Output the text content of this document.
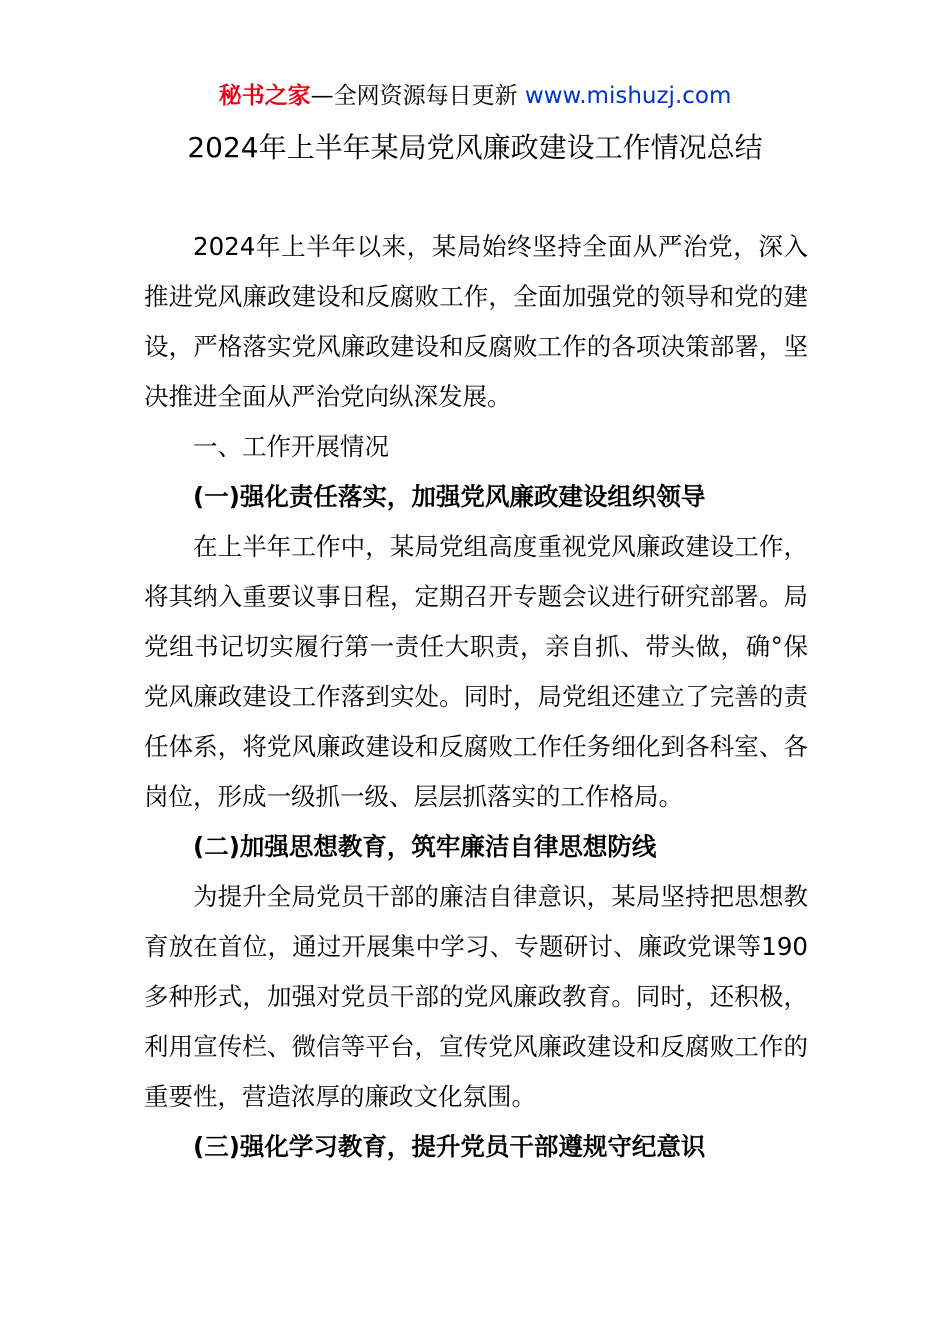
秘书之家—全网资源每日更新 www.mishuzj.com
2024年上半年某局党风廉政建设工作情况总结

2024年上半年以来，某局始终坚持全面从严治党，深入推进党风廉政建设和反腐败工作，全面加强党的领导和党的建设，严格落实党风廉政建设和反腐败工作的各项决策部署，坚决推进全面从严治党向纵深发展。

一、工作开展情况

(一)强化责任落实，加强党风廉政建设组织领导

在上半年工作中，某局党组高度重视党风廉政建设工作，将其纳入重要议事日程，定期召开专题会议进行研究部署。局党组书记切实履行第一责任大职责，亲自抓、带头做，确°保党风廉政建设工作落到实处。同时，局党组还建立了完善的责任体系，将党风廉政建设和反腐败工作任务细化到各科室、各岗位，形成一级抓一级、层层抓落实的工作格局。

(二)加强思想教育，筑牢廉洁自律思想防线

为提升全局党员干部的廉洁自律意识，某局坚持把思想教育放在首位，通过开展集中学习、专题研讨、廉政党课等190多种形式，加强对党员干部的党风廉政教育。同时，还积极，利用宣传栏、微信等平台，宣传党风廉政建设和反腐败工作的重要性，营造浓厚的廉政文化氛围。

(三)强化学习教育，提升党员干部遵规守纪意识
